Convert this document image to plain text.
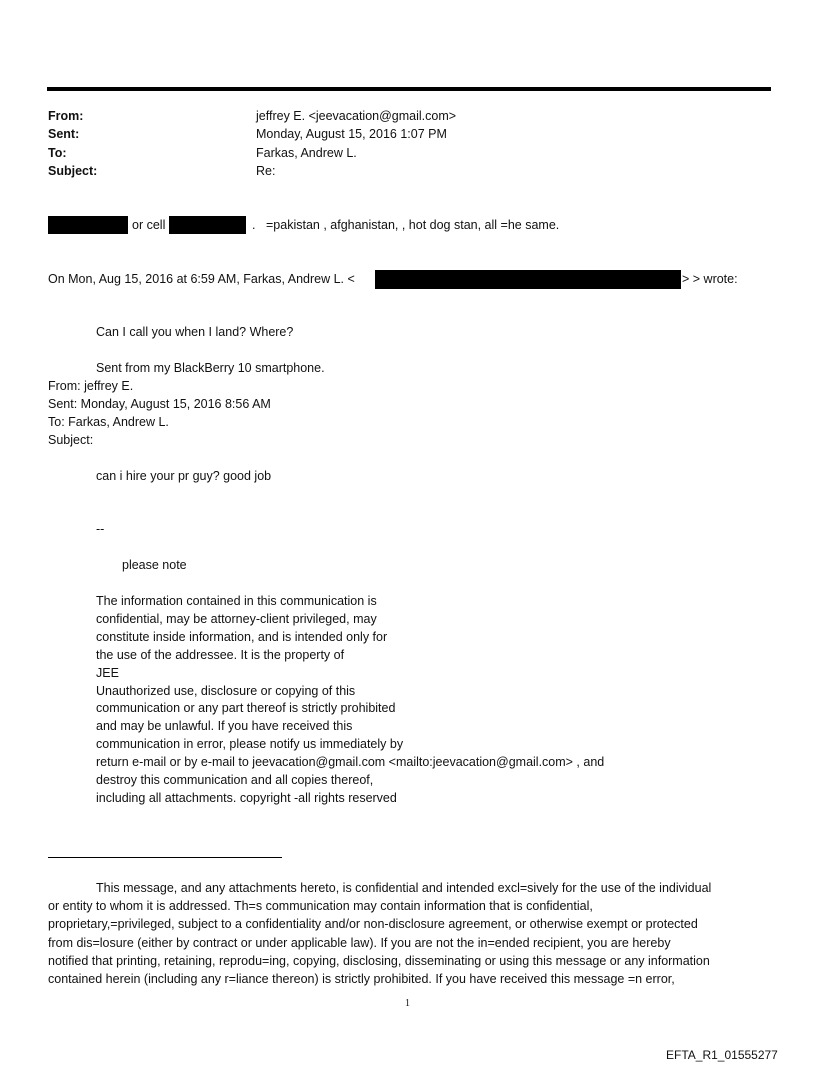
From:	jeffrey E. <jeevacation@gmail.com>
Sent:	Monday, August 15, 2016 1:07 PM
To:	Farkas, Andrew L.
Subject:	Re:
or cell	. =pakistan , afghanistan, , hot dog stan, all =he same.
On Mon, Aug 15, 2016 at 6:59 AM, Farkas, Andrew L. <	> > wrote:
Can I call you when I land? Where?
Sent from my BlackBerry 10 smartphone.
From: jeffrey E.
Sent: Monday, August 15, 2016 8:56 AM
To: Farkas, Andrew L.
Subject:
can i hire your pr guy? good job
--
please note
The information contained in this communication is
confidential, may be attorney-client privileged, may
constitute inside information, and is intended only for
the use of the addressee. It is the property of
JEE
Unauthorized use, disclosure or copying of this
communication or any part thereof is strictly prohibited
and may be unlawful. If you have received this
communication in error, please notify us immediately by
return e-mail or by e-mail to jeevacation@gmail.com <mailto:jeevacation@gmail.com> , and
destroy this communication and all copies thereof,
including all attachments. copyright -all rights reserved
This message, and any attachments hereto, is confidential and intended excl=sively for the use of the individual
or entity to whom it is addressed. Th=s communication may contain information that is confidential,
proprietary,=privileged, subject to a confidentiality and/or non-disclosure agreement, or otherwise exempt or protected
from dis=losure (either by contract or under applicable law). If you are not the in=ended recipient, you are hereby
notified that printing, retaining, reprodu=ing, copying, disclosing, disseminating or using this message or any information
contained herein (including any r=liance thereon) is strictly prohibited. If you have received this message =n error,
1
EFTA_R1_01555277
